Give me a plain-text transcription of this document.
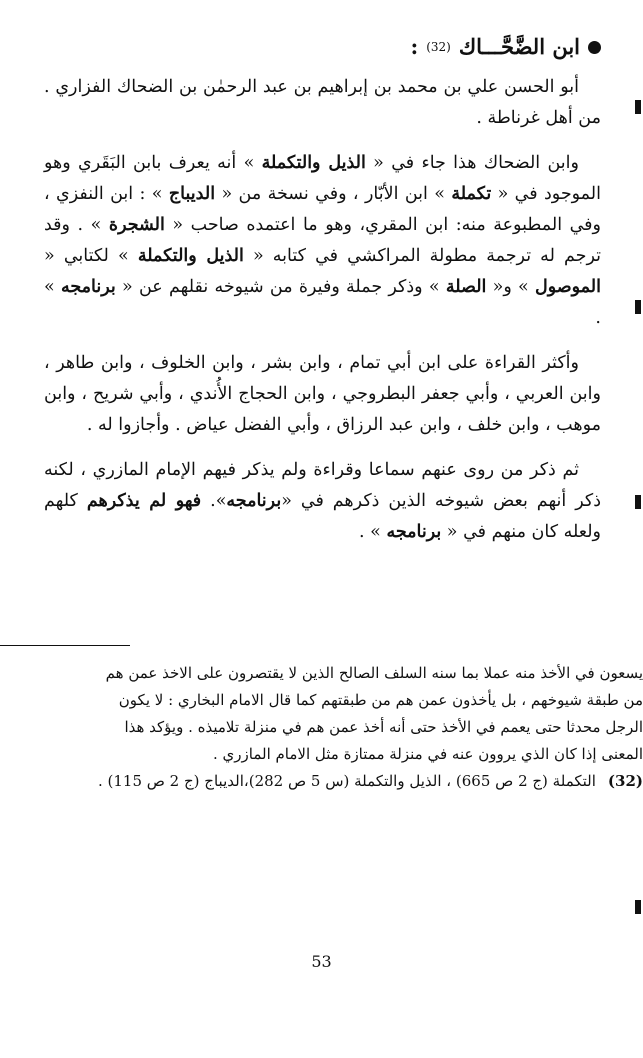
ابن الضَّحَّـــاك
(32)
:

أبو الحسن علي بن محمد بن إبراهيم بن عبد الرحمٰن بن الضحاك الفزاري . من أهل غرناطة .

وابن الضحاك هذا جاء في « الذيل والتكملة » أنه يعرف بابن البَقَري وهو الموجود في « تكملة » ابن الأبّار ، وفي نسخة من « الديباج » : ابن النفزي ، وفي المطبوعة منه: ابن المقري، وهو ما اعتمده صاحب « الشجرة » . وقد ترجم له ترجمة مطولة المراكشي في كتابه « الذيل والتكملة » لكتابي « الموصول » و« الصلة » وذكر جملة وفيرة من شيوخه نقلهم عن « برنامجه » .

وأكثر القراءة على ابن أبي تمام ، وابن بشر ، وابن الخلوف ، وابن طاهر ، وابن العربي ، وأبي جعفر البطروجي ، وابن الحجاج الأُندي ، وأبي شريح ، وابن موهب ، وابن خلف ، وابن عبد الرزاق ، وأبي الفضل عياض . وأجازوا له .

ثم ذكر من روى عنهم سماعا وقراءة ولم يذكر فيهم الإمام المازري ، لكنه ذكر أنهم بعض شيوخه الذين ذكرهم في «برنامجه». فهو لم يذكرهم كلهم ولعله كان منهم في « برنامجه » .

يسعون في الأخذ منه عملا بما سنه السلف الصالح الذين لا يقتصرون على الاخذ عمن هم من طبقة شيوخهم ، بل يأخذون عمن هم من طبقتهم كما قال الامام البخاري : لا يكون الرجل محدثا حتى يعمم في الأخذ حتى أنه أخذ عمن هم في منزلة تلاميذه . ويؤكد هذا المعنى إذا كان الذي يروون عنه في منزلة ممتازة مثل الامام المازري .

(32)
التكملة (ج 2 ص 665) ، الذيل والتكملة (س 5 ص 282)،الديباج (ج 2 ص 115) .
53
